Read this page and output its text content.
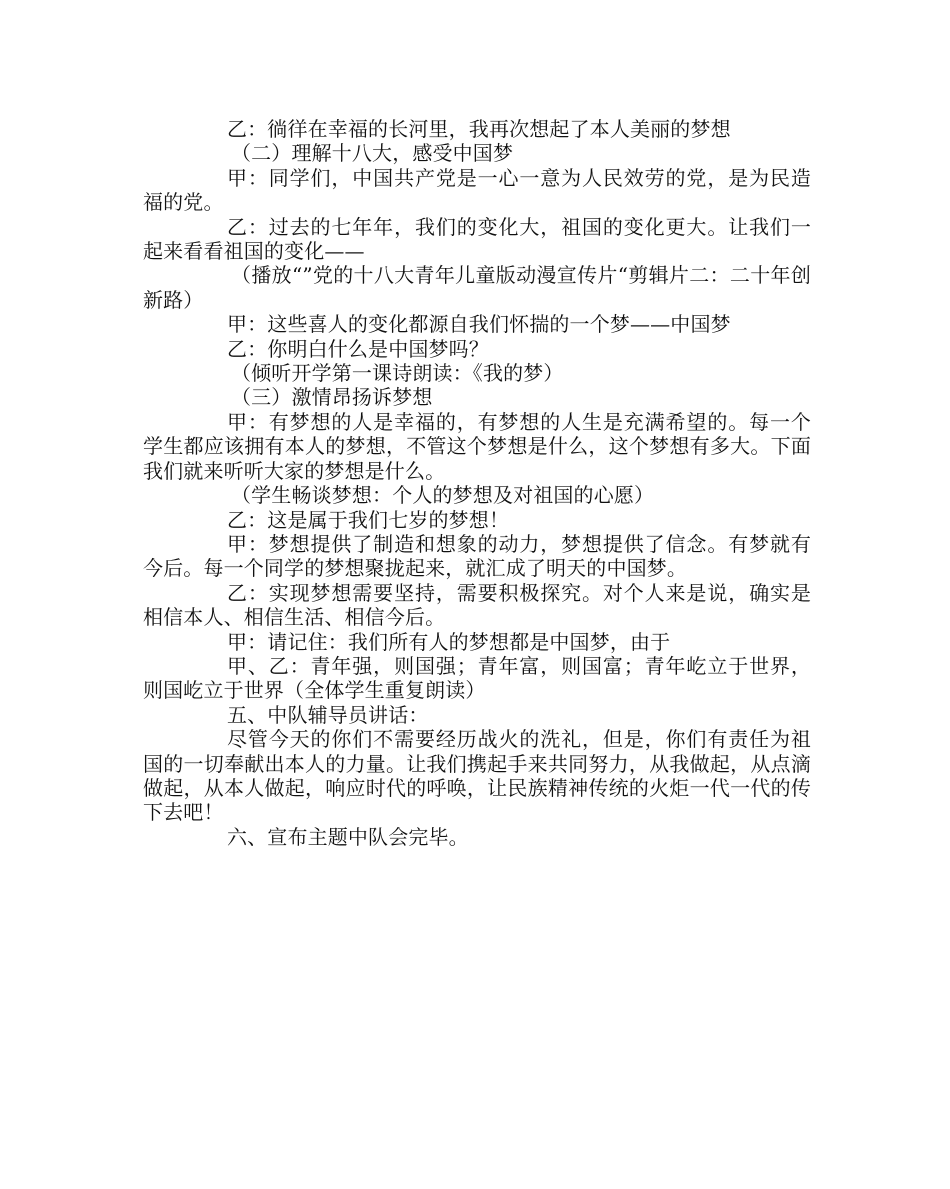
乙：徜徉在幸福的长河里，我再次想起了本人美丽的梦想

（二）理解十八大，感受中国梦

甲：同学们，中国共产党是一心一意为人民效劳的党，是为民造福的党。

乙：过去的七年年，我们的变化大，祖国的变化更大。让我们一起来看看祖国的变化——

（播放“”党的十八大青年儿童版动漫宣传片“剪辑片二：二十年创新路）

甲：这些喜人的变化都源自我们怀揣的一个梦——中国梦

乙：你明白什么是中国梦吗？

（倾听开学第一课诗朗读：《我的梦）

（三）激情昂扬诉梦想

甲：有梦想的人是幸福的，有梦想的人生是充满希望的。每一个学生都应该拥有本人的梦想，不管这个梦想是什么，这个梦想有多大。下面我们就来听听大家的梦想是什么。

（学生畅谈梦想：个人的梦想及对祖国的心愿）

乙：这是属于我们七岁的梦想！

甲：梦想提供了制造和想象的动力，梦想提供了信念。有梦就有今后。每一个同学的梦想聚拢起来，就汇成了明天的中国梦。

乙：实现梦想需要坚持，需要积极探究。对个人来是说，确实是相信本人、相信生活、相信今后。

甲：请记住：我们所有人的梦想都是中国梦，由于

甲、乙：青年强，则国强；青年富，则国富；青年屹立于世界，则国屹立于世界（全体学生重复朗读）

五、中队辅导员讲话：

尽管今天的你们不需要经历战火的洗礼，但是，你们有责任为祖国的一切奉献出本人的力量。让我们携起手来共同努力，从我做起，从点滴做起，从本人做起，响应时代的呼唤，让民族精神传统的火炬一代一代的传下去吧！

六、宣布主题中队会完毕。
